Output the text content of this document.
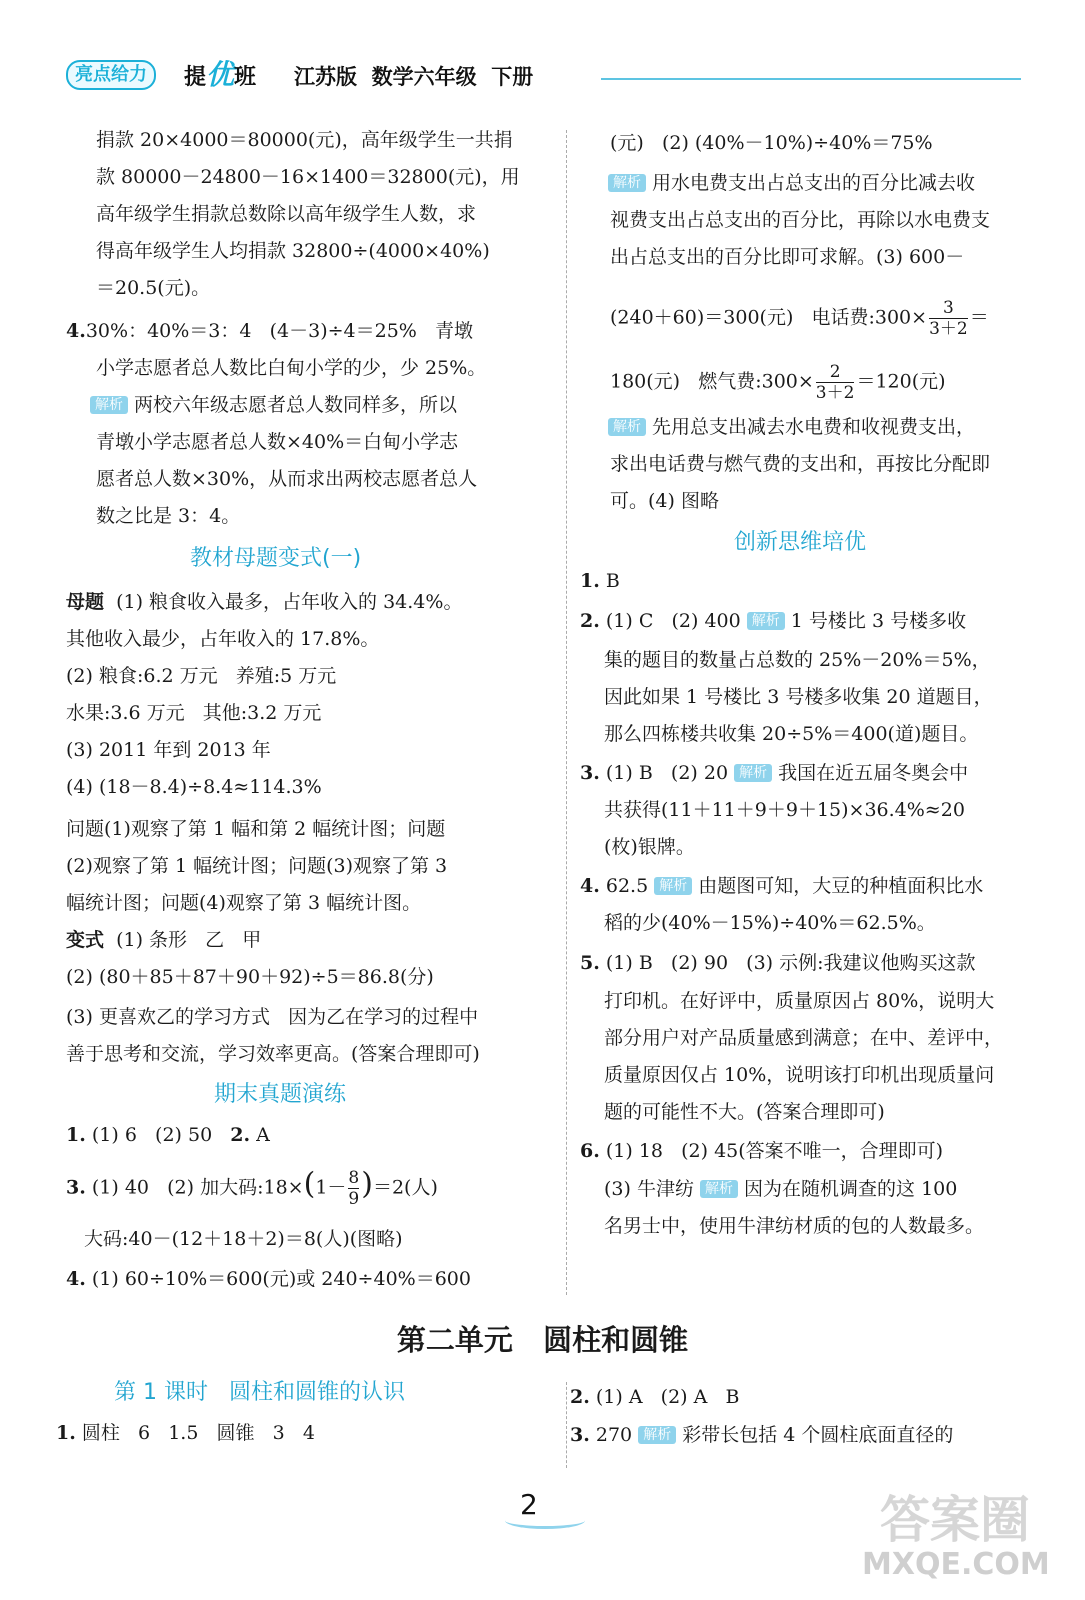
亮点给力	提优班 江苏版  数学六年级  下册
捐款 20×4000＝80000(元)，高年级学生一共捐
款 80000－24800－16×1400＝32800(元)，用
高年级学生捐款总数除以高年级学生人数，求
得高年级学生人均捐款 32800÷(4000×40%)
＝20.5(元)。
4.30%：40%＝3：4   (4－3)÷4＝25%   青墩
小学志愿者总人数比白甸小学的少，少 25%。
解析 两校六年级志愿者总人数同样多，所以
青墩小学志愿者总人数×40%＝白甸小学志
愿者总人数×30%，从而求出两校志愿者总人
数之比是 3：4。
教材母题变式(一)
母题  (1) 粮食收入最多，占年收入的 34.4%。
其他收入最少，占年收入的 17.8%。
(2) 粮食:6.2 万元   养殖:5 万元
水果:3.6 万元   其他:3.2 万元
(3) 2011 年到 2013 年
(4) (18－8.4)÷8.4≈114.3%
问题(1)观察了第 1 幅和第 2 幅统计图；问题
(2)观察了第 1 幅统计图；问题(3)观察了第 3
幅统计图；问题(4)观察了第 3 幅统计图。
变式  (1) 条形   乙   甲
(2) (80＋85＋87＋90＋92)÷5＝86.8(分)
(3) 更喜欢乙的学习方式   因为乙在学习的过程中
善于思考和交流，学习效率更高。(答案合理即可)
期末真题演练
1. (1) 6   (2) 50   2. A
3. (1) 40   (2) 加大码:18×(1－ $\frac{8}{9} )=2$(人)
大码:40－(12＋18＋2)＝8(人)(图略)
4. (1) 60÷10%＝600(元)或 240÷40%＝600
(元)   (2) (40%－10%)÷40%＝75%
解析 用水电费支出占总支出的百分比减去收
视费支出占总支出的百分比，再除以水电费支
出占总支出的百分比即可求解。(3) 600－
(240＋60)＝300(元)   电话费:300× $\frac{3}{3+2}$ ＝
180(元)   燃气费:300× $\frac{2}{3+2} =120$(元)
解析 先用总支出减去水电费和收视费支出，
求出电话费与燃气费的支出和，再按比分配即
可。(4) 图略
创新思维培优
1. B
2. (1) C   (2) 400 解析 1 号楼比 3 号楼多收
集的题目的数量占总数的 25%－20%＝5%，
因此如果 1 号楼比 3 号楼多收集 20 道题目，
那么四栋楼共收集 20÷5%＝400(道)题目。
3. (1) B   (2) 20 解析 我国在近五届冬奥会中
共获得(11＋11＋9＋9＋15)×36.4%≈20
(枚)银牌。
4. 62.5 解析 由题图可知，大豆的种植面积比水
稻的少(40%－15%)÷40%＝62.5%。
5. (1) B   (2) 90   (3) 示例:我建议他购买这款
打印机。在好评中，质量原因占 80%，说明大
部分用户对产品质量感到满意；在中、差评中，
质量原因仅占 10%，说明该打印机出现质量问
题的可能性不大。(答案合理即可)
6. (1) 18   (2) 45(答案不唯一，合理即可)
(3) 牛津纺 解析 因为在随机调查的这 100
名男士中，使用牛津纺材质的包的人数最多。
第二单元   圆柱和圆锥
第 1 课时   圆柱和圆锥的认识
1. 圆柱   6   1.5   圆锥   3   4
2. (1) A   (2) A   B
3. 270 解析 彩带长包括 4 个圆柱底面直径的
2	答案圈
MXQE.COM
